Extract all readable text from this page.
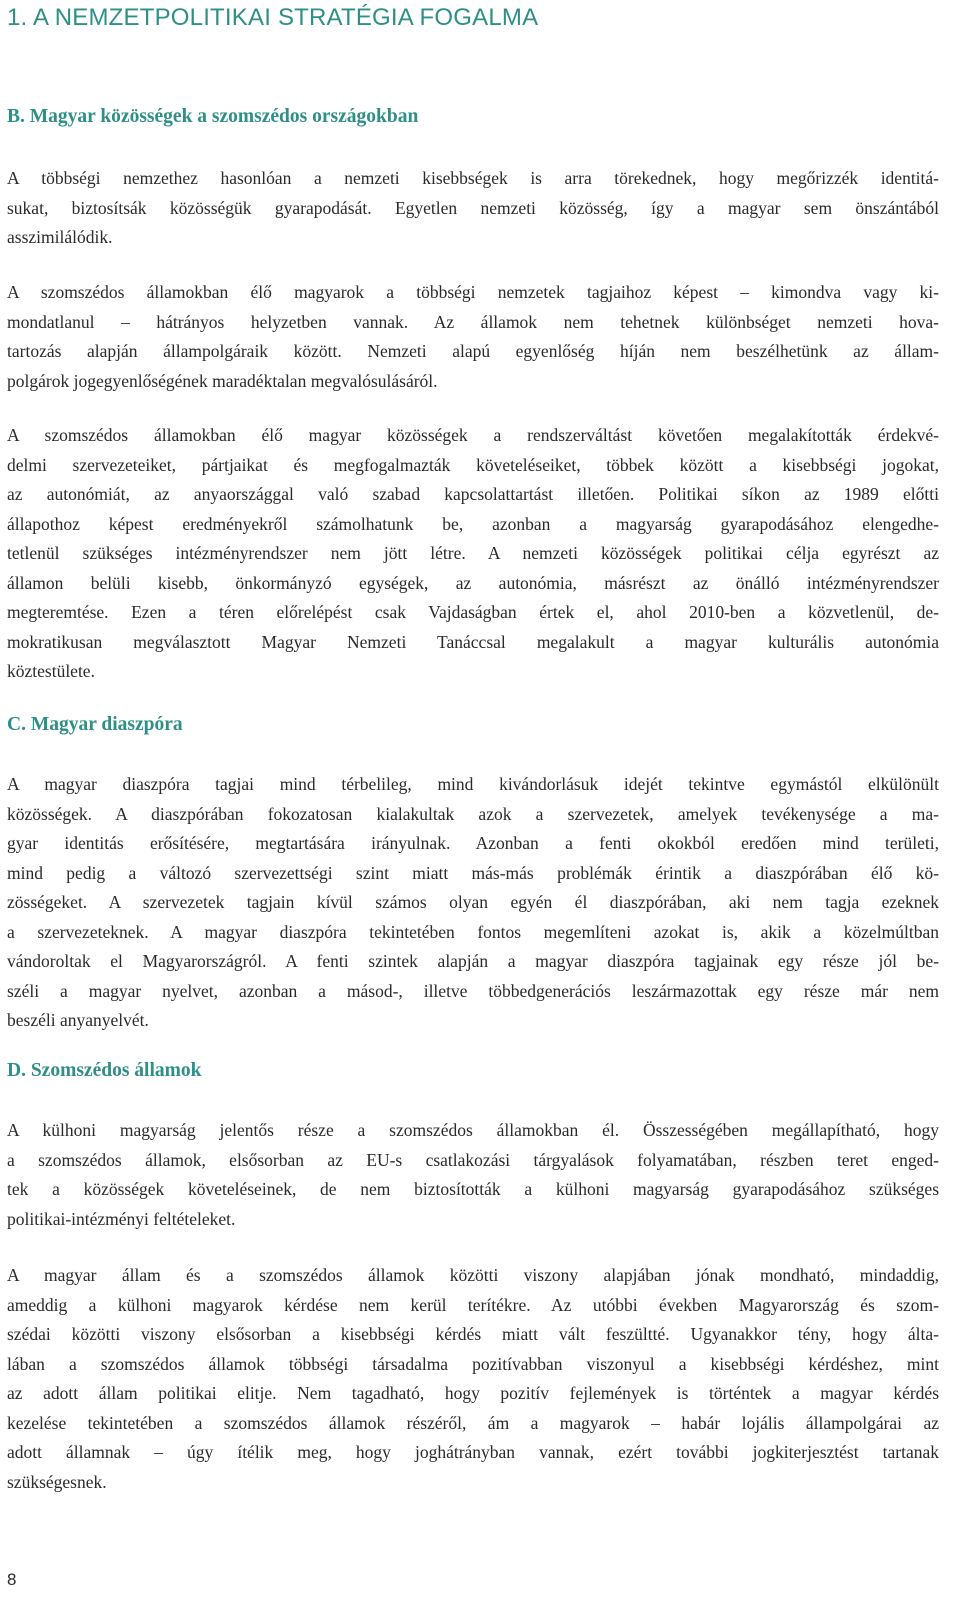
1. A NEMZETPOLITIKAI STRATÉGIA FOGALMA
B. Magyar közösségek a szomszédos országokban
A többségi nemzethez hasonlóan a nemzeti kisebbségek is arra törekednek, hogy megőrizzék identitá-
sukat, biztosítsák közösségük gyarapodását. Egyetlen nemzeti közösség, így a magyar sem önszántából
asszimilálódik.
A szomszédos államokban élő magyarok a többségi nemzetek tagjaihoz képest – kimondva vagy ki-
mondatlanul – hátrányos helyzetben vannak. Az államok nem tehetnek különbséget nemzeti hova-
tartozás alapján állampolgáraik között. Nemzeti alapú egyenlőség híján nem beszélhetünk az állam-
polgárok jogegyenlőségének maradéktalan megvalósulásáról.
A szomszédos államokban élő magyar közösségek a rendszerváltást követően megalakították érdekvé-
delmi szervezeteiket, pártjaikat és megfogalmazták követeléseiket, többek között a kisebbségi jogokat,
az autonómiát, az anyaországgal való szabad kapcsolattartást illetően. Politikai síkon az 1989 előtti
állapothoz képest eredményekről számolhatunk be, azonban a magyarság gyarapodásához elengedhe-
tetlenül szükséges intézményrendszer nem jött létre. A nemzeti közösségek politikai célja egyrészt az
államon belüli kisebb, önkormányzó egységek, az autonómia, másrészt az önálló intézményrendszer
megteremtése. Ezen a téren előrelépést csak Vajdaságban értek el, ahol 2010-ben a közvetlenül, de-
mokratikusan megválasztott Magyar Nemzeti Tanáccsal megalakult a magyar kulturális autonómia
köztestülete.
C. Magyar diaszpóra
A magyar diaszpóra tagjai mind térbelileg, mind kivándorlásuk idejét tekintve egymástól elkülönült
közösségek. A diaszpórában fokozatosan kialakultak azok a szervezetek, amelyek tevékenysége a ma-
gyar identitás erősítésére, megtartására irányulnak. Azonban a fenti okokból eredően mind területi,
mind pedig a változó szervezettségi szint miatt más-más problémák érintik a diaszpórában élő kö-
zösségeket. A szervezetek tagjain kívül számos olyan egyén él diaszpórában, aki nem tagja ezeknek
a szervezeteknek. A magyar diaszpóra tekintetében fontos megemlíteni azokat is, akik a közelmúltban
vándoroltak el Magyarországról. A fenti szintek alapján a magyar diaszpóra tagjainak egy része jól be-
széli a magyar nyelvet, azonban a másod-, illetve többedgenerációs leszármazottak egy része már nem
beszéli anyanyelvét.
D. Szomszédos államok
A külhoni magyarság jelentős része a szomszédos államokban él. Összességében megállapítható, hogy
a szomszédos államok, elsősorban az EU-s csatlakozási tárgyalások folyamatában, részben teret enged-
tek a közösségek követeléseinek, de nem biztosították a külhoni magyarság gyarapodásához szükséges
politikai-intézményi feltételeket.
A magyar állam és a szomszédos államok közötti viszony alapjában jónak mondható, mindaddig,
ameddig a külhoni magyarok kérdése nem kerül terítékre. Az utóbbi években Magyarország és szom-
szédai közötti viszony elsősorban a kisebbségi kérdés miatt vált feszültté. Ugyanakkor tény, hogy álta-
lában a szomszédos államok többségi társadalma pozitívabban viszonyul a kisebbségi kérdéshez, mint
az adott állam politikai elitje. Nem tagadható, hogy pozitív fejlemények is történtek a magyar kérdés
kezelése tekintetében a szomszédos államok részéről, ám a magyarok – habár lojális állampolgárai az
adott államnak – úgy ítélik meg, hogy joghátrányban vannak, ezért további jogkiterjesztést tartanak
szükségesnek.
8
